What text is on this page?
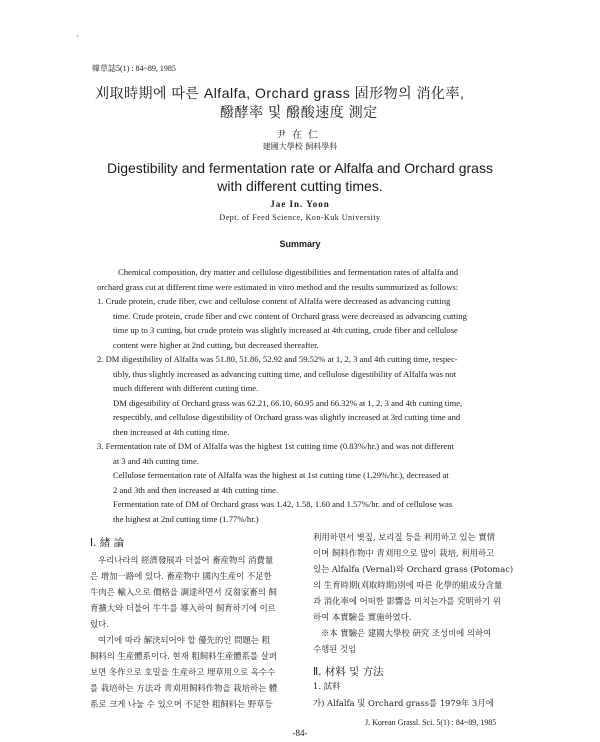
·
韓草誌5(1) : 84~89, 1985
刈取時期에 따른 Alfalfa, Orchard grass 固形物의 消化率,
醱酵率 및 醱酸速度 測定
尹在仁
建國大學校 飼料學科
Digestibility and fermentation rate or Alfalfa and Orchard grass
with different cutting times.
Jae In. Yoon
Dept. of Feed Science, Kon-Kuk University
Summary
Chemical composition, dry matter and cellulose digestibilities and fermentation rates of alfalfa and
orchard grass cut at different time were estimated in vitro method and the results summurized as follows:
1. Crude protein, crude fiber, cwc and cellulose content of Alfalfa were decreased as advancing cutting
time. Crude protein, crude fiber and cwc content of Orchard grass were decreased as advancing cutting
time up to 3 cutting, but crude protein was slightly increased at 4th cutting, crude fiber and cellulose
content were higher at 2nd cutting, but decreased thereafter.
2. DM digestibility of Alfalfa was 51.80, 51.86, 52.92 and 59.52% at 1, 2, 3 and 4th cutting time, respec-
tibly, thus slightly increased as advancing cutting time, and cellulose digestibility of Alfalfa was not
much different with different cutting time.
DM digestibility of Orchard grass was 62.21, 66.10, 60.95 and 66.32% at 1, 2, 3 and 4th cutting time,
respectibly, and cellulose digestibility of Orchard grass was slightly increased at 3rd cutting time and
then increased at 4th cutting time.
3. Fermentation rate of DM of Alfalfa was the highest 1st cutting time (0.83%/hr.) and was not different
at 3 and 4th cutting time.
Cellulose fermentation rate of Alfalfa was the highest at 1st cutting time (1.29%/hr.), decreased at
2 and 3th and then increased at 4th cutting time.
Fermentation rate of DM of Orchard grass was 1.42, 1.58, 1.60 and 1.57%/hr. and of cellulose was
the highest at 2nd cutting time (1.77%/hr.)
Ⅰ. 緖 論
우리나라의 經濟發展과 더불어 畜産物의 消費量
은 增加一路에 있다. 畜産物中 國內生産이 不足한
牛肉은 輸入으로 價格을 調達하면서 反芻家畜의 飼
育擴大와 더불어 牛牛를 導入하여 飼育하기에 이르
렀다.
여기에 따라 解決되어야 할 優先的인 問題는 粗
飼料의 生産體系이다. 현재 粗飼料生産體系를 살펴
보면 冬作으로 호밀을 生産하고 埋草用으로 옥수수
를 栽培하는 方法과 靑刈用飼料作物을 栽培하는 體
系로 크게 나눌 수 있으며 不足한 粗飼料는 野草등
利用하면서 볏짚, 보리짚 등을 利用하고 있는 實情
이며 飼料作物中 靑刈用으로 많이 栽培, 利用하고
있는 Alfalfa (Vernal)와 Orchard grass (Potomac)
의 生育時期(刈取時期)別에 따른 化學的組成分含量
과 消化率에 어떠한 影響을 미치는가를 究明하기 위
하여 本實驗을 實施하였다.
※本 實驗은 建國大學校 硏究 조성비에 의하여
수행된 것임
Ⅱ. 材料 및 方法
1. 試料
가) Alfalfa 및 Orchard grass를 1979年 3月에
J. Korean Grassl. Sci. 5(1) : 84~89, 1985
-84-
